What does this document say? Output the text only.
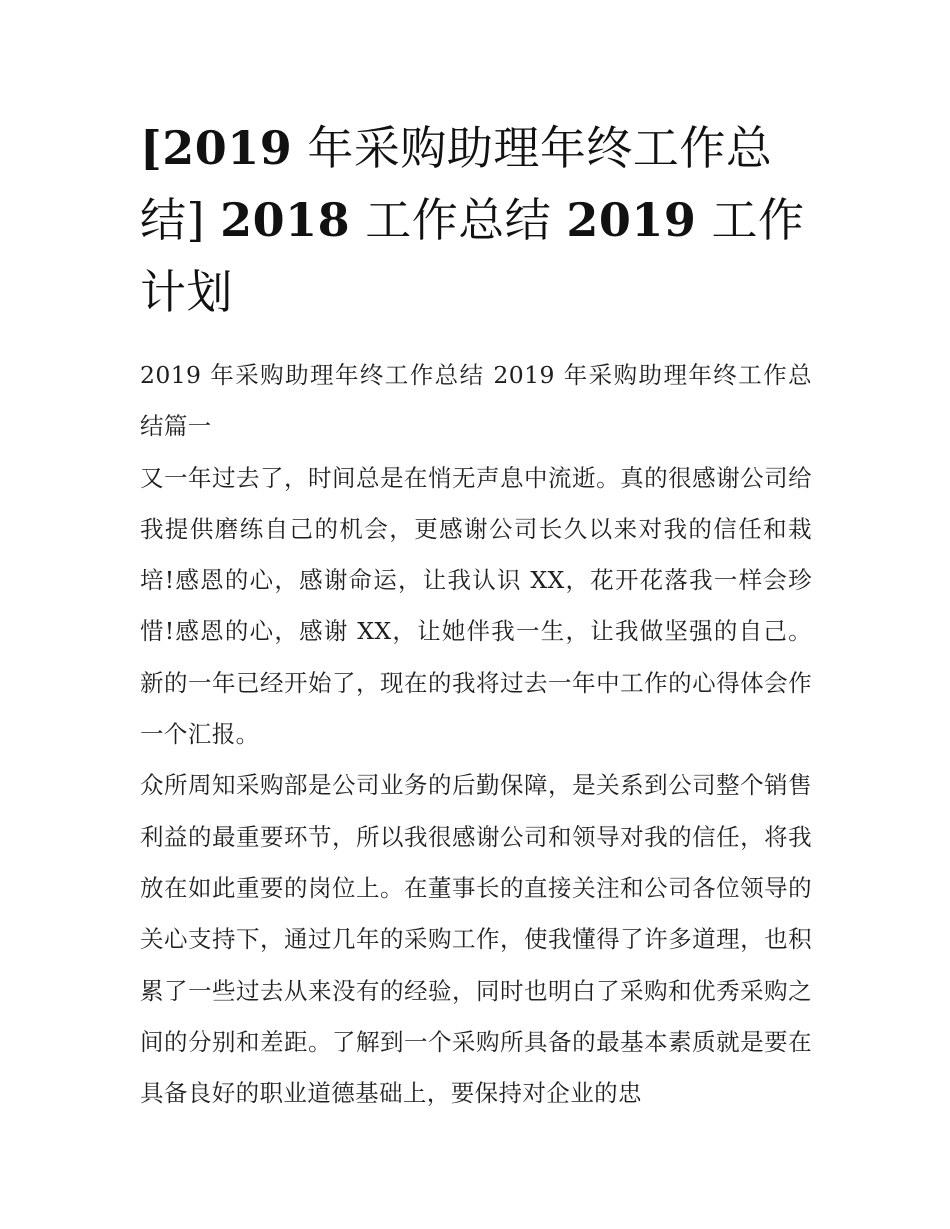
[2019 年采购助理年终工作总结] 2018 工作总结 2019 工作计划

2019 年采购助理年终工作总结 2019 年采购助理年终工作总结篇一

又一年过去了，时间总是在悄无声息中流逝。真的很感谢公司给我提供磨练自己的机会，更感谢公司长久以来对我的信任和栽培!感恩的心，感谢命运，让我认识 XX，花开花落我一样会珍惜!感恩的心，感谢 XX，让她伴我一生，让我做坚强的自己。新的一年已经开始了，现在的我将过去一年中工作的心得体会作一个汇报。

众所周知采购部是公司业务的后勤保障，是关系到公司整个销售利益的最重要环节，所以我很感谢公司和领导对我的信任，将我放在如此重要的岗位上。在董事长的直接关注和公司各位领导的关心支持下，通过几年的采购工作，使我懂得了许多道理，也积累了一些过去从来没有的经验，同时也明白了采购和优秀采购之间的分别和差距。了解到一个采购所具备的最基本素质就是要在具备良好的职业道德基础上，要保持对企业的忠
